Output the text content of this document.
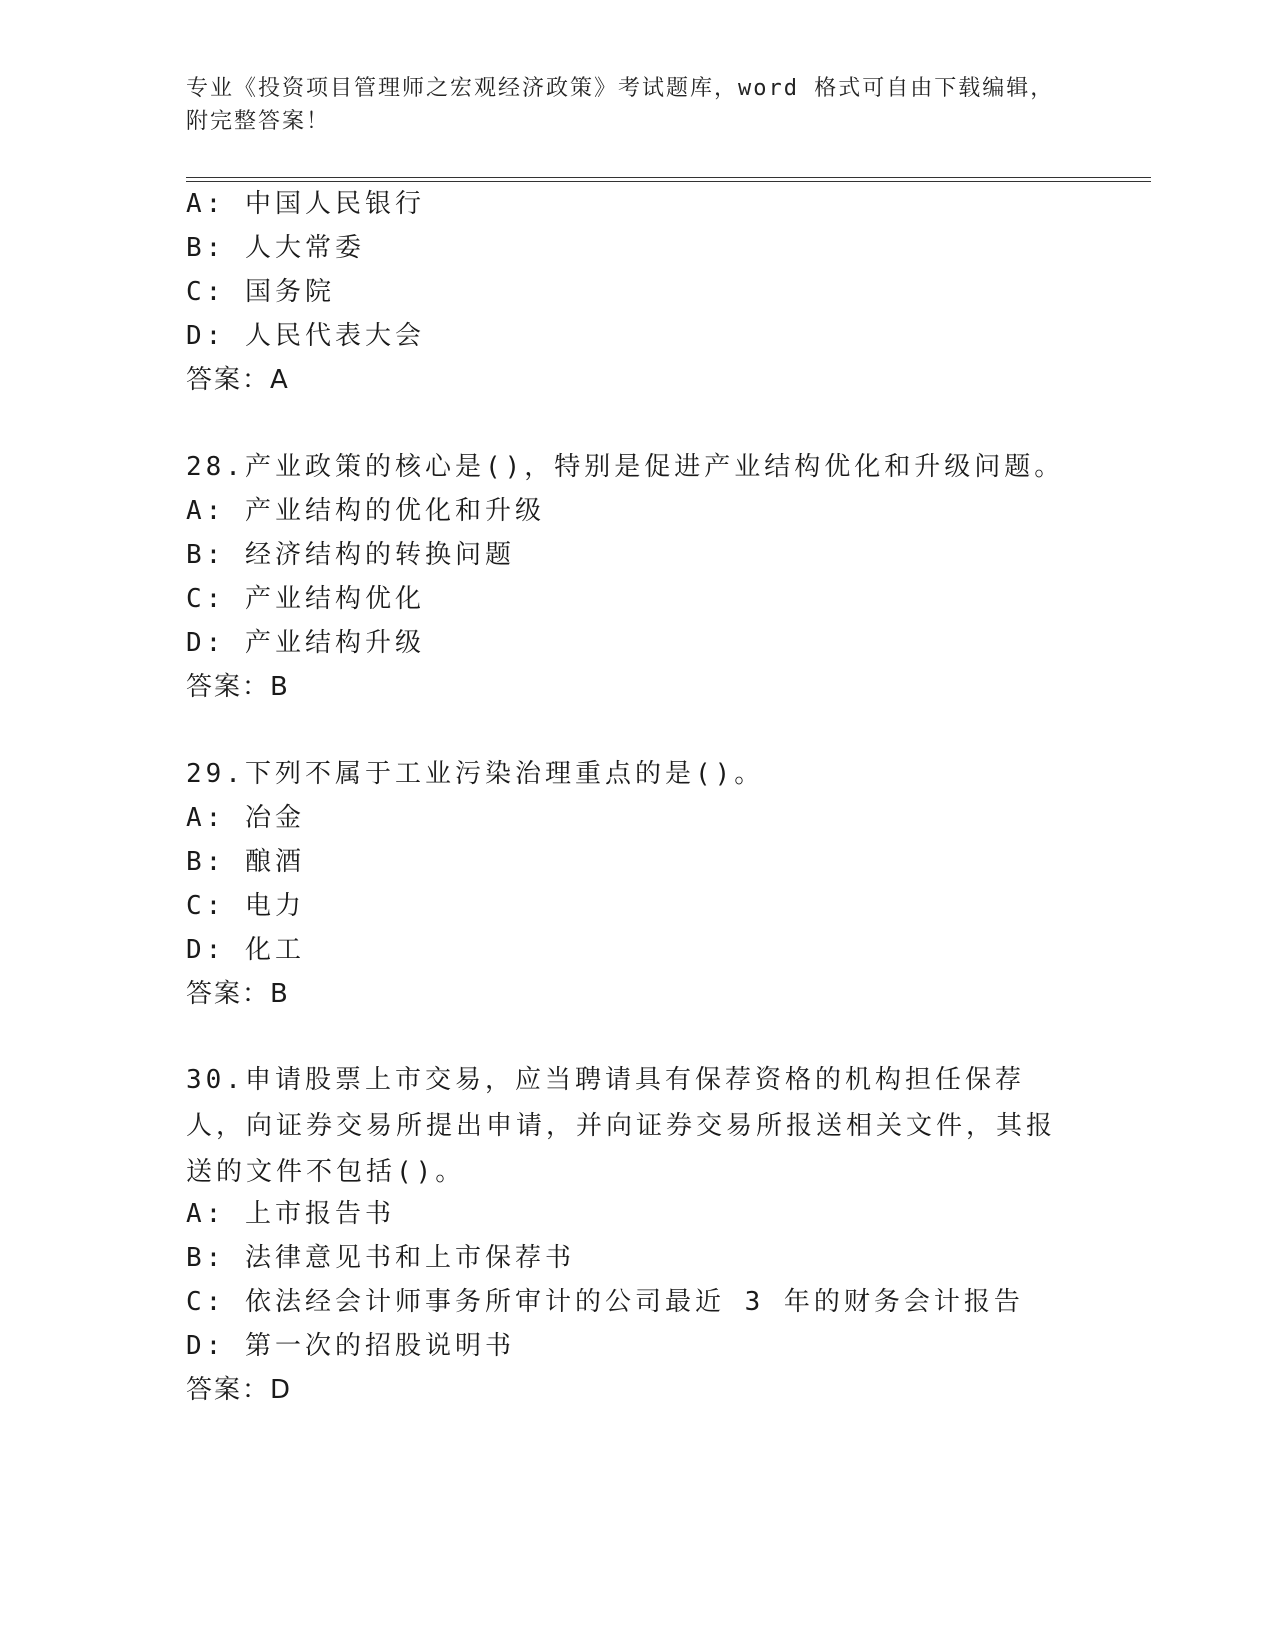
专业《投资项目管理师之宏观经济政策》考试题库，word 格式可自由下载编辑，附完整答案！
A: 中国人民银行
B: 人大常委
C: 国务院
D: 人民代表大会
答案：A
28.产业政策的核心是()，特别是促进产业结构优化和升级问题。
A: 产业结构的优化和升级
B: 经济结构的转换问题
C: 产业结构优化
D: 产业结构升级
答案：B
29.下列不属于工业污染治理重点的是()。
A: 冶金
B: 酿酒
C: 电力
D: 化工
答案：B
30.申请股票上市交易，应当聘请具有保荐资格的机构担任保荐人，向证券交易所提出申请，并向证券交易所报送相关文件，其报送的文件不包括()。
A: 上市报告书
B: 法律意见书和上市保荐书
C: 依法经会计师事务所审计的公司最近 3 年的财务会计报告
D: 第一次的招股说明书
答案：D
